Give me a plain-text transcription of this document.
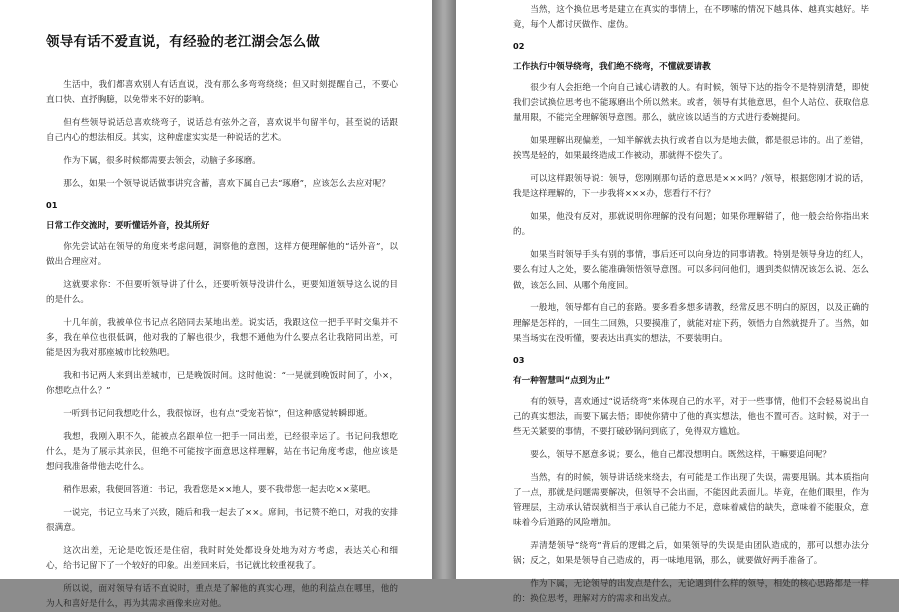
领导有话不爱直说，有经验的老江湖会怎么做

生活中，我们都喜欢别人有话直说，没有那么多弯弯绕绕；但又时刻提醒自己，不要心直口快、直抒胸臆，以免带来不好的影响。

但有些领导说话总喜欢绕弯子，说话总有弦外之音，喜欢说半句留半句，甚至说的话跟自己内心的想法相反。其实，这种虚虚实实是一种说话的艺术。

作为下属，很多时候都需要去领会，动脑子多琢磨。

那么，如果一个领导说话做事讲究含蓄，喜欢下属自己去“琢磨”，应该怎么去应对呢？

01
日常工作交流时，要听懂话外音，投其所好

你先尝试站在领导的角度来考虑问题，洞察他的意图，这样方便理解他的“话外音”，以做出合理应对。

这就要求你：不但要听领导讲了什么，还要听领导没讲什么，更要知道领导这么说的目的是什么。

十几年前，我被单位书记点名陪同去某地出差。说实话，我跟这位一把手平时交集并不多，我在单位也很低调，他对我的了解也很少，我想不通他为什么要点名让我陪同出差，可能是因为我对那座城市比较熟吧。

我和书记两人来到出差城市，已是晚饭时间。这时他说：“一晃就到晚饭时间了，小×，你想吃点什么？”

一听到书记问我想吃什么，我很惊讶，也有点“受宠若惊”，但这种感觉转瞬即逝。

我想，我刚入职不久，能被点名跟单位一把手一同出差，已经很幸运了。书记问我想吃什么，是为了展示其亲民，但绝不可能按字面意思这样理解，站在书记角度考虑，他应该是想问我准备带他去吃什么。

稍作思索，我便回答道：书记，我看您是××地人，要不我带您一起去吃××菜吧。

一说完，书记立马来了兴致，随后和我一起去了××。席间，书记赞不绝口，对我的安排很满意。

这次出差，无论是吃饭还是住宿，我时时处处都设身处地为对方考虑，表达关心和细心，给书记留下了一个较好的印象。出差回来后，书记就比较重视我了。

所以说，面对领导有话不直说时，重点是了解他的真实心理，他的利益点在哪里，他的为人和喜好是什么，再为其需求画像来应对他。

当然，这个换位思考是建立在真实的事情上，在不啰嗦的情况下越具体、越真实越好。毕竟，每个人都讨厌做作、虚伪。

02
工作执行中领导绕弯，我们绝不绕弯，不懂就要请教

很少有人会拒绝一个向自己诚心请教的人。有时候，领导下达的指令不是特别清楚，即使我们尝试换位思考也不能琢磨出个所以然来。或者，领导有其他意思，但个人站位、获取信息量用限，不能完全理解领导意图。那么，就应该以适当的方式进行委婉提问。

如果理解出现偏差，一知半解就去执行或者自以为是地去做，都是很忌讳的。出了差错，挨骂是轻的，如果最终造成工作被动，那就得不偿失了。

可以这样跟领导说：领导，您刚刚那句话的意思是×××吗？/领导，根据您刚才说的话，我是这样理解的，下一步我将×××办，您看行不行？

如果，他没有反对，那就说明你理解的没有问题；如果你理解错了，他一般会给你指出来的。

如果当时领导手头有别的事情，事后还可以向身边的同事请教。特别是领导身边的红人，要么有过人之处，要么能准确领悟领导意图。可以多问问他们，遇到类似情况该怎么说、怎么做，该怎么回、从哪个角度回。

一般地，领导都有自己的套路。要多看多想多请教，经常反思不明白的原因，以及正确的理解是怎样的，一回生二回熟，只要摸准了，就能对症下药，领悟力自然就提升了。当然，如果当场实在没听懂，要表达出真实的想法，不要装明白。

03
有一种智慧叫“点到为止”

有的领导，喜欢通过“说话绕弯”来体现自己的水平，对于一些事情，他们不会轻易说出自己的真实想法，而要下属去悟；即使你猜中了他的真实想法，他也不置可否。这时候，对于一些无关紧要的事情，不要打破砂锅问到底了，免得双方尴尬。

要么，领导不愿意多说；要么，他自己都没想明白。既然这样，干嘛要追问呢？

当然，有的时候，领导讲话绕来绕去，有可能是工作出现了失误，需要甩锅。其本质指向了一点，那就是问题需要解决，但领导不会出面，不能因此丢面儿。毕竟，在他们眼里，作为管理层，主动承认错误就相当于承认自己能力不足，意味着威信的缺失，意味着不能服众，意味着今后道路的风险增加。

弄清楚领导“绕弯”背后的逻辑之后，如果领导的失误是由团队造成的，那可以想办法分锅；反之，如果是领导自己造成的，再一味地甩锅，那么，就要做好两手准备了。

作为下属，无论领导的出发点是什么，无论遇到什么样的领导，相处的核心思路都是一样的：换位思考，理解对方的需求和出发点。
